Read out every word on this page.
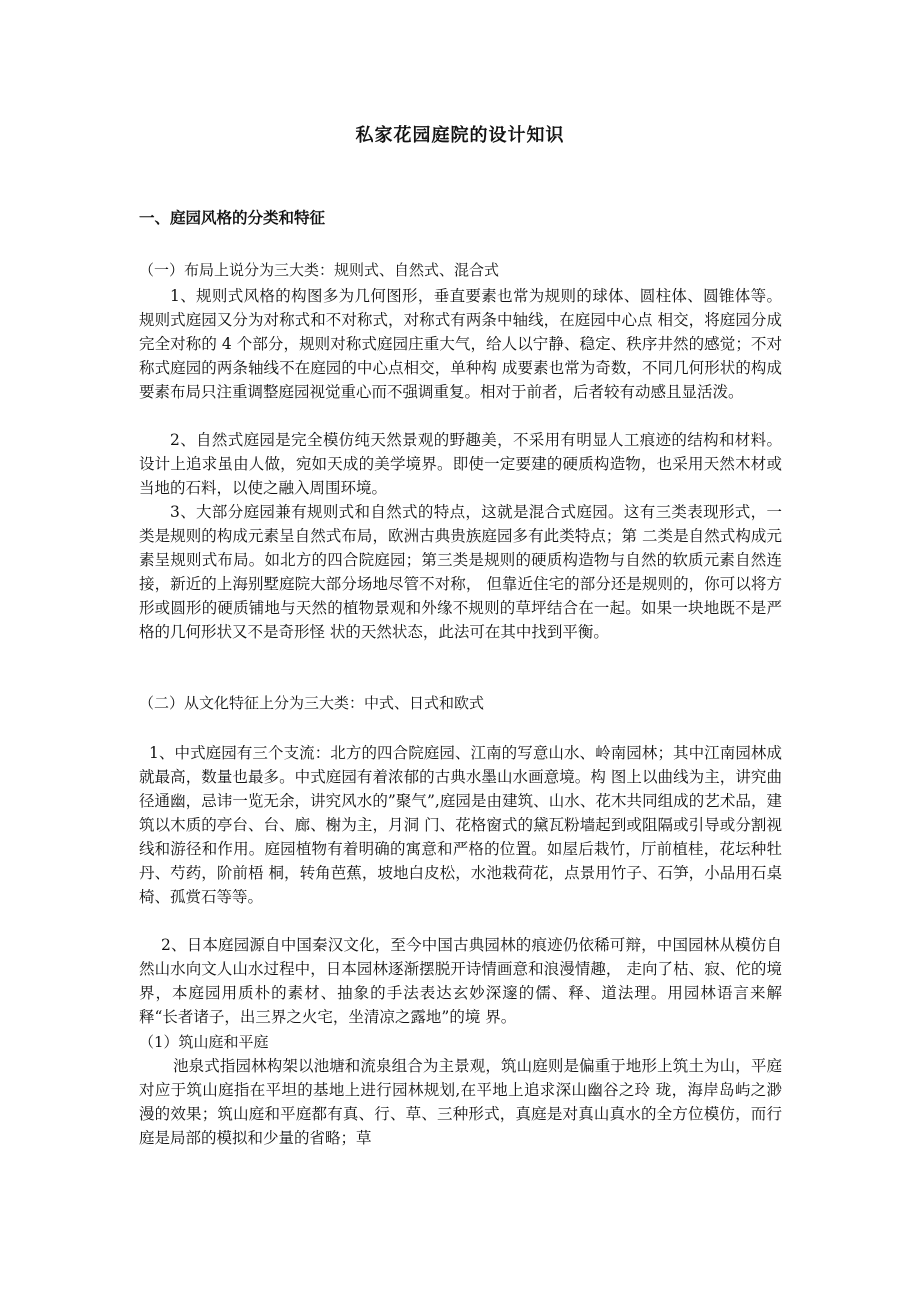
私家花园庭院的设计知识
一、庭园风格的分类和特征
（一）布局上说分为三大类：规则式、自然式、混合式

1、规则式风格的构图多为几何图形，垂直要素也常为规则的球体、圆柱体、圆锥体等。规则式庭园又分为对称式和不对称式，对称式有两条中轴线，在庭园中心点 相交，将庭园分成完全对称的 4 个部分，规则对称式庭园庄重大气，给人以宁静、稳定、秩序井然的感觉；不对称式庭园的两条轴线不在庭园的中心点相交，单种构 成要素也常为奇数，不同几何形状的构成要素布局只注重调整庭园视觉重心而不强调重复。相对于前者，后者较有动感且显活泼。

2、自然式庭园是完全模仿纯天然景观的野趣美，不采用有明显人工痕迹的结构和材料。设计上追求虽由人做，宛如天成的美学境界。即使一定要建的硬质构造物，也采用天然木材或当地的石料，以使之融入周围环境。

3、大部分庭园兼有规则式和自然式的特点，这就是混合式庭园。这有三类表现形式，一类是规则的构成元素呈自然式布局，欧洲古典贵族庭园多有此类特点；第 二类是自然式构成元素呈规则式布局。如北方的四合院庭园；第三类是规则的硬质构造物与自然的软质元素自然连接，新近的上海别墅庭院大部分场地尽管不对称， 但靠近住宅的部分还是规则的，你可以将方形或圆形的硬质铺地与天然的植物景观和外缘不规则的草坪结合在一起。如果一块地既不是严格的几何形状又不是奇形怪 状的天然状态，此法可在其中找到平衡。

（二）从文化特征上分为三大类：中式、日式和欧式

1、中式庭园有三个支流：北方的四合院庭园、江南的写意山水、岭南园林；其中江南园林成就最高，数量也最多。中式庭园有着浓郁的古典水墨山水画意境。构 图上以曲线为主，讲究曲径通幽，忌讳一览无余，讲究风水的”聚气”,庭园是由建筑、山水、花木共同组成的艺术品，建筑以木质的亭台、台、廊、榭为主，月洞 门、花格窗式的黛瓦粉墙起到或阻隔或引导或分割视线和游径和作用。庭园植物有着明确的寓意和严格的位置。如屋后栽竹，厅前植桂，花坛种牡丹、芍药，阶前梧 桐，转角芭蕉，坡地白皮松，水池栽荷花，点景用竹子、石笋，小品用石桌椅、孤赏石等等。

2、日本庭园源自中国秦汉文化，至今中国古典园林的痕迹仍依稀可辩，中国园林从模仿自然山水向文人山水过程中，日本园林逐渐摆脱开诗情画意和浪漫情趣， 走向了枯、寂、佗的境界，本庭园用质朴的素材、抽象的手法表达玄妙深邃的儒、释、道法理。用园林语言来解释“长者诸子，出三界之火宅，坐清凉之露地”的境 界。

（1）筑山庭和平庭

池泉式指园林构架以池塘和流泉组合为主景观，筑山庭则是偏重于地形上筑土为山，平庭对应于筑山庭指在平坦的基地上进行园林规划,在平地上追求深山幽谷之玲 珑，海岸岛屿之渺漫的效果；筑山庭和平庭都有真、行、草、三种形式，真庭是对真山真水的全方位模仿，而行庭是局部的模拟和少量的省略；草
